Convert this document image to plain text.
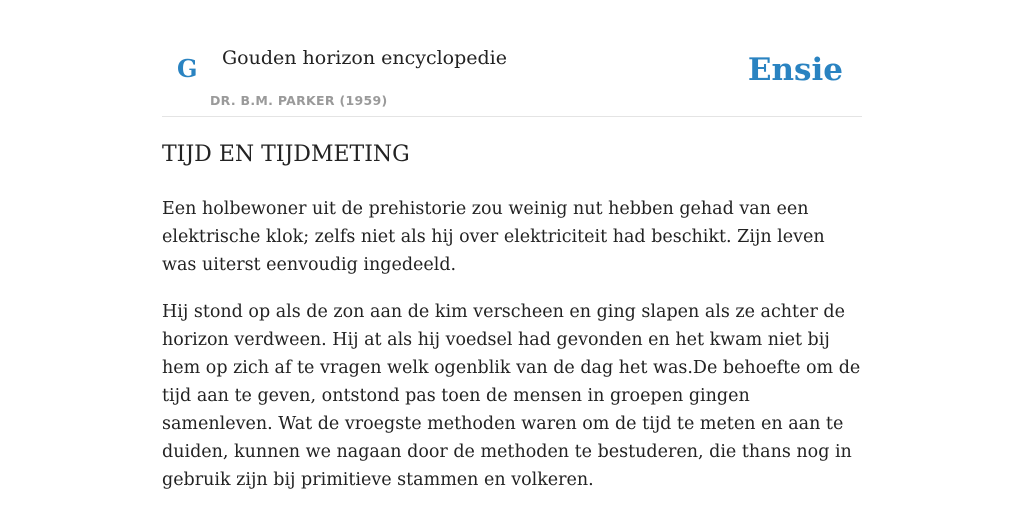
G Gouden horizon encyclopedie
DR. B.M. PARKER (1959)
Ensie
TIJD EN TIJDMETING

Een holbewoner uit de prehistorie zou weinig nut hebben gehad van een elektrische klok; zelfs niet als hij over elektriciteit had beschikt. Zijn leven was uiterst eenvoudig ingedeeld.

Hij stond op als de zon aan de kim verscheen en ging slapen als ze achter de horizon verdween. Hij at als hij voedsel had gevonden en het kwam niet bij hem op zich af te vragen welk ogenblik van de dag het was.De behoefte om de tijd aan te geven, ontstond pas toen de mensen in groepen gingen samenleven. Wat de vroegste methoden waren om de tijd te meten en aan te duiden, kunnen we nagaan door de methoden te bestuderen, die thans nog in gebruik zijn bij primitieve stammen en volkeren.
